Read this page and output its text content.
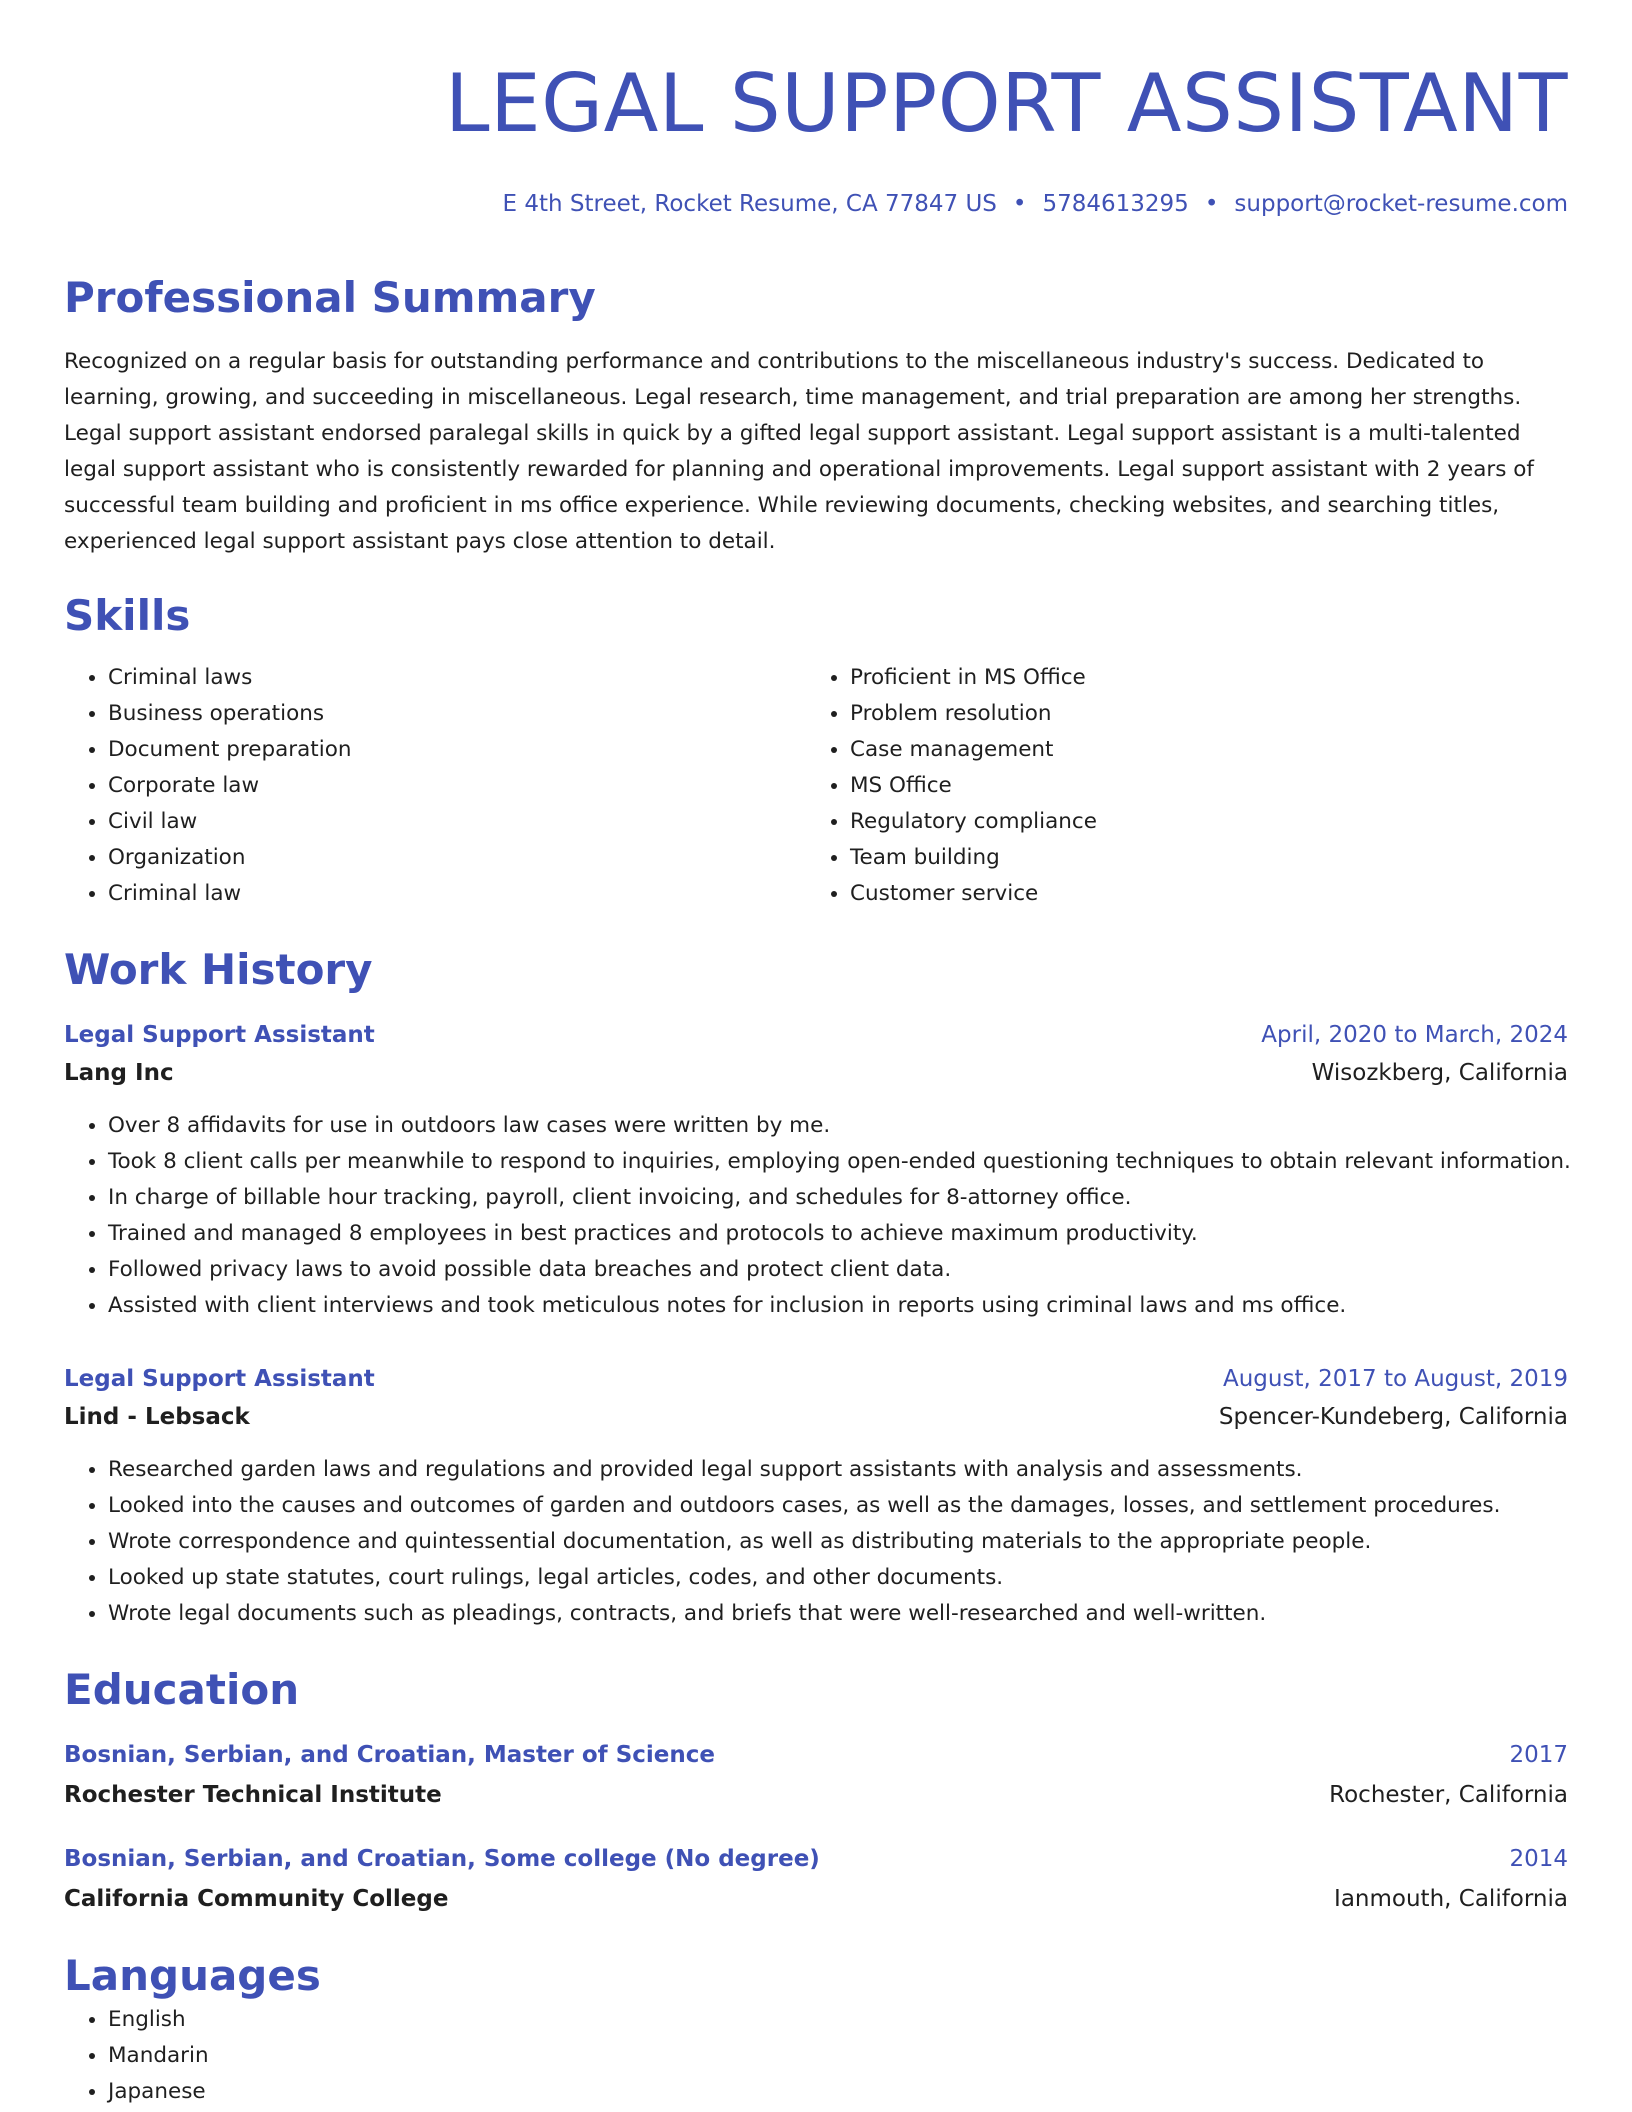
LEGAL SUPPORT ASSISTANT
E 4th Street, Rocket Resume, CA 77847 US • 5784613295 • support@rocket-resume.com
Professional Summary

Recognized on a regular basis for outstanding performance and contributions to the miscellaneous industry's success. Dedicated to learning, growing, and succeeding in miscellaneous. Legal research, time management, and trial preparation are among her strengths. Legal support assistant endorsed paralegal skills in quick by a gifted legal support assistant. Legal support assistant is a multi-talented legal support assistant who is consistently rewarded for planning and operational improvements. Legal support assistant with 2 years of successful team building and proficient in ms office experience. While reviewing documents, checking websites, and searching titles, experienced legal support assistant pays close attention to detail.

Skills
• Criminal laws
• Business operations
• Document preparation
• Corporate law
• Civil law
• Organization
• Criminal law
• Proficient in MS Office
• Problem resolution
• Case management
• MS Office
• Regulatory compliance
• Team building
• Customer service
Work History
Legal Support Assistant	April, 2020 to March, 2024
Lang Inc	Wisozkberg, California
• Over 8 affidavits for use in outdoors law cases were written by me.
• Took 8 client calls per meanwhile to respond to inquiries, employing open-ended questioning techniques to obtain relevant information.
• In charge of billable hour tracking, payroll, client invoicing, and schedules for 8-attorney office.
• Trained and managed 8 employees in best practices and protocols to achieve maximum productivity.
• Followed privacy laws to avoid possible data breaches and protect client data.
• Assisted with client interviews and took meticulous notes for inclusion in reports using criminal laws and ms office.
Legal Support Assistant	August, 2017 to August, 2019
Lind - Lebsack	Spencer-Kundeberg, California
• Researched garden laws and regulations and provided legal support assistants with analysis and assessments.
• Looked into the causes and outcomes of garden and outdoors cases, as well as the damages, losses, and settlement procedures.
• Wrote correspondence and quintessential documentation, as well as distributing materials to the appropriate people.
• Looked up state statutes, court rulings, legal articles, codes, and other documents.
• Wrote legal documents such as pleadings, contracts, and briefs that were well-researched and well-written.
Education
Bosnian, Serbian, and Croatian, Master of Science	2017
Rochester Technical Institute	Rochester, California
Bosnian, Serbian, and Croatian, Some college (No degree)	2014
California Community College	Ianmouth, California
Languages
• English
• Mandarin
• Japanese
